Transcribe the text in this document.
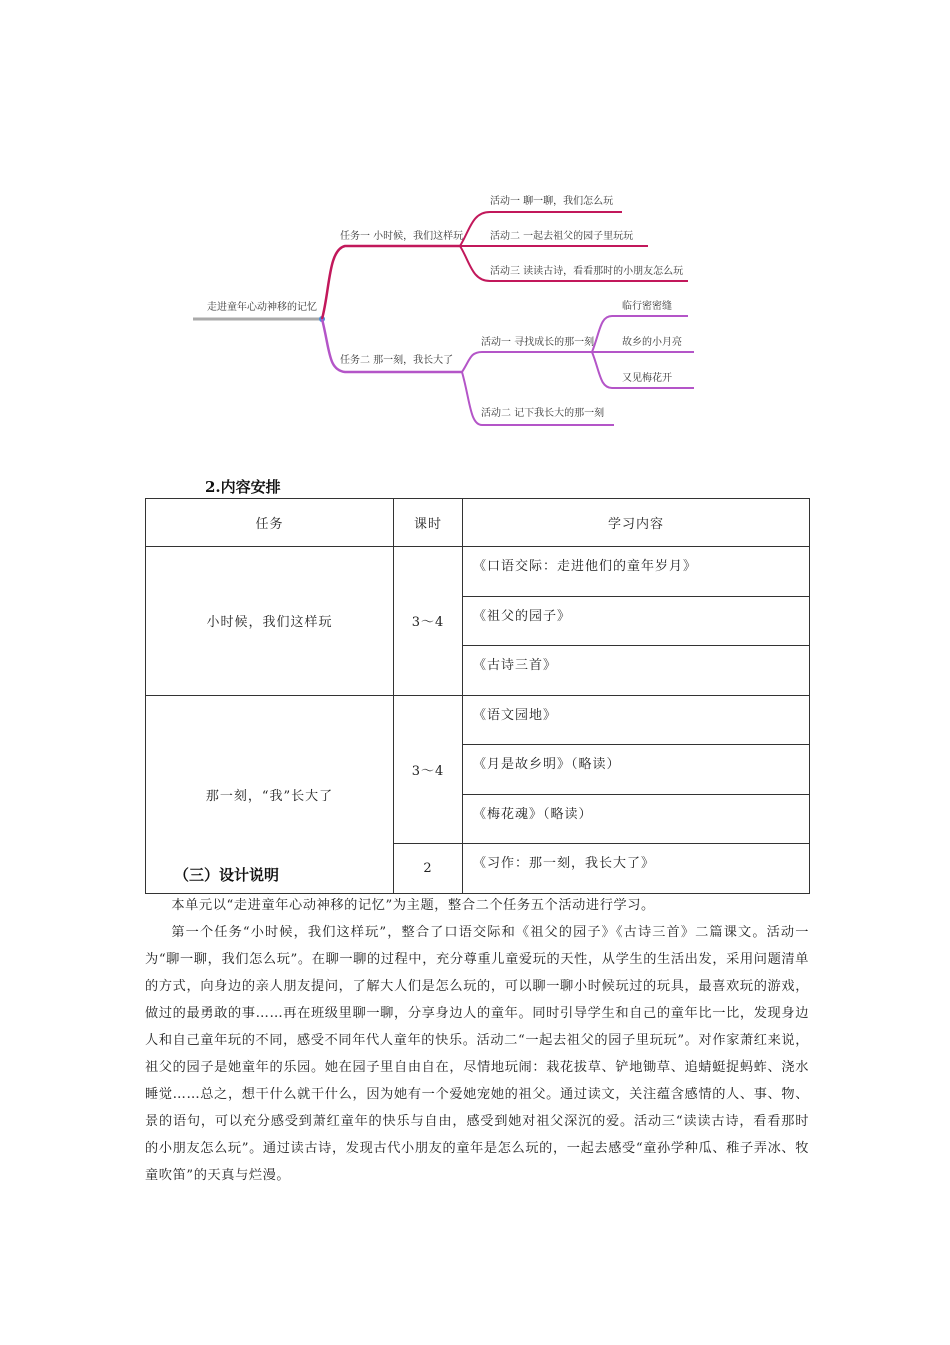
走进童年心动神移的记忆
任务一 小时候，我们这样玩
活动一 聊一聊，我们怎么玩
活动二 一起去祖父的园子里玩玩
活动三 读读古诗，看看那时的小朋友怎么玩
任务二 那一刻，我长大了
活动一 寻找成长的那一刻
活动二 记下我长大的那一刻
临行密密缝
故乡的小月亮
又见梅花开
2.内容安排
任务	课时	学习内容
小时候，我们这样玩	3～4	《口语交际：走进他们的童年岁月》
		《祖父的园子》
		《古诗三首》
那一刻，“我”长大了	3～4	《语文园地》
		《月是故乡明》（略读）
		《梅花魂》（略读）
	2	《习作：那一刻，我长大了》
（三）设计说明

本单元以“走进童年心动神移的记忆”为主题，整合二个任务五个活动进行学习。

第一个任务“小时候，我们这样玩”，整合了口语交际和《祖父的园子》《古诗三首》二篇课文。活动一为“聊一聊，我们怎么玩”。在聊一聊的过程中，充分尊重儿童爱玩的天性，从学生的生活出发，采用问题清单的方式，向身边的亲人朋友提问，了解大人们是怎么玩的，可以聊一聊小时候玩过的玩具，最喜欢玩的游戏，做过的最勇敢的事……再在班级里聊一聊，分享身边人的童年。同时引导学生和自己的童年比一比，发现身边人和自己童年玩的不同，感受不同年代人童年的快乐。活动二“一起去祖父的园子里玩玩”。对作家萧红来说，祖父的园子是她童年的乐园。她在园子里自由自在，尽情地玩闹：栽花拔草、铲地锄草、追蜻蜓捉蚂蚱、浇水睡觉……总之，想干什么就干什么，因为她有一个爱她宠她的祖父。通过读文，关注蕴含感情的人、事、物、景的语句，可以充分感受到萧红童年的快乐与自由，感受到她对祖父深沉的爱。活动三“读读古诗，看看那时的小朋友怎么玩”。通过读古诗，发现古代小朋友的童年是怎么玩的，一起去感受“童孙学种瓜、稚子弄冰、牧童吹笛”的天真与烂漫。
